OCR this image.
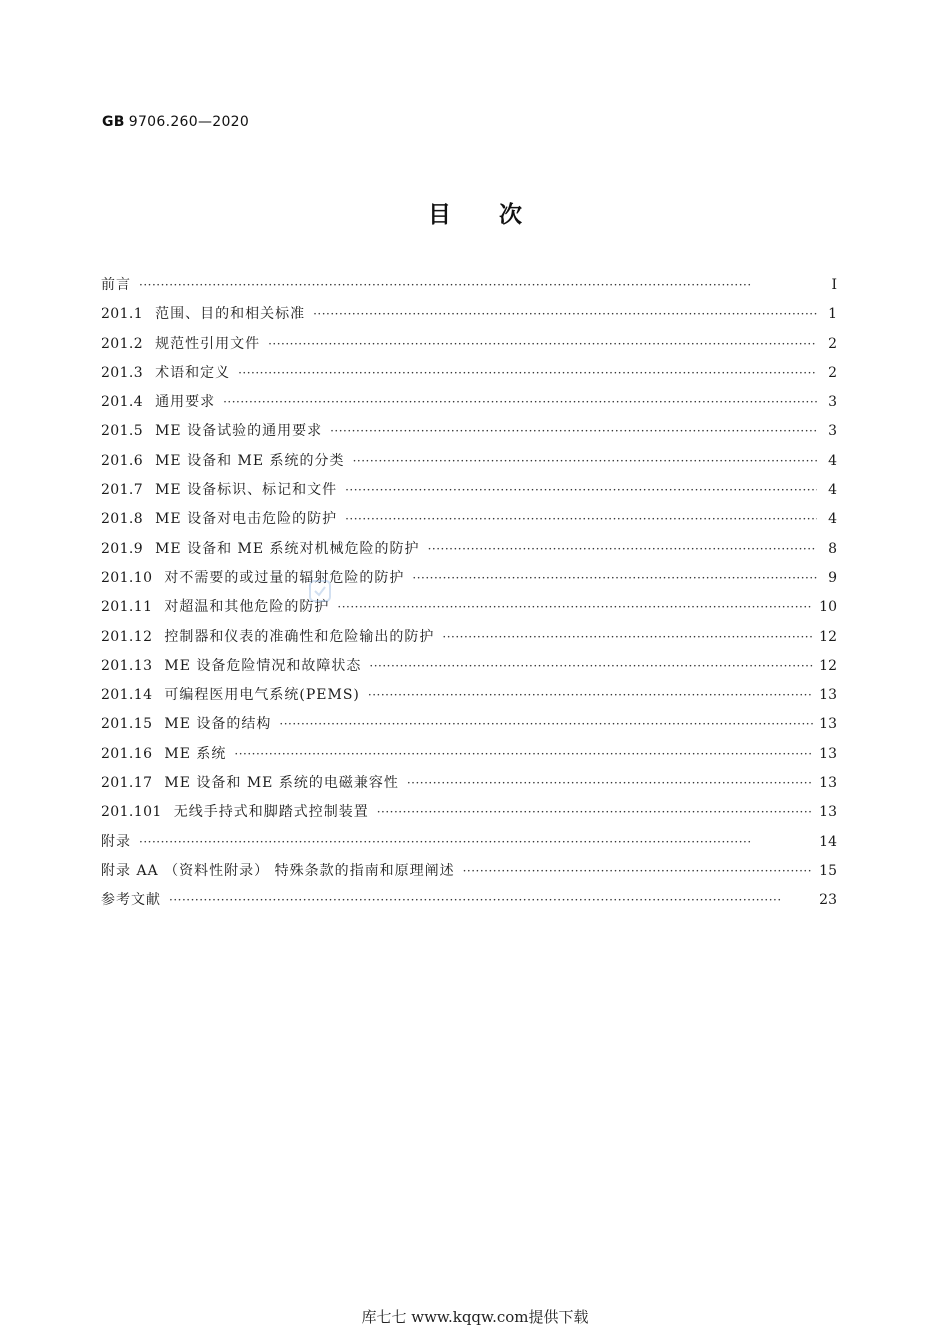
GB 9706.260—2020
目 次
前言 ·····	I
201.1 范围、目的和相关标准 ·····	1
201.2 规范性引用文件 ·····	2
201.3 术语和定义 ·····	2
201.4 通用要求 ·····	3
201.5 ME 设备试验的通用要求 ·····	3
201.6 ME 设备和 ME 系统的分类 ·····	4
201.7 ME 设备标识、标记和文件 ·····	4
201.8 ME 设备对电击危险的防护 ·····	4
201.9 ME 设备和 ME 系统对机械危险的防护 ·····	8
201.10 对不需要的或过量的辐射危险的防护 ·····	9
201.11 对超温和其他危险的防护 ·····	10
201.12 控制器和仪表的准确性和危险输出的防护 ·····	12
201.13 ME 设备危险情况和故障状态 ·····	12
201.14 可编程医用电气系统(PEMS) ·····	13
201.15 ME 设备的结构 ·····	13
201.16 ME 系统 ·····	13
201.17 ME 设备和 ME 系统的电磁兼容性 ·····	13
201.101 无线手持式和脚踏式控制装置 ·····	13
附录 ·····	14
附录 AA （资料性附录） 特殊条款的指南和原理阐述 ·····	15
参考文献 ·····	23
库七七 www.kqqw.com提供下载
